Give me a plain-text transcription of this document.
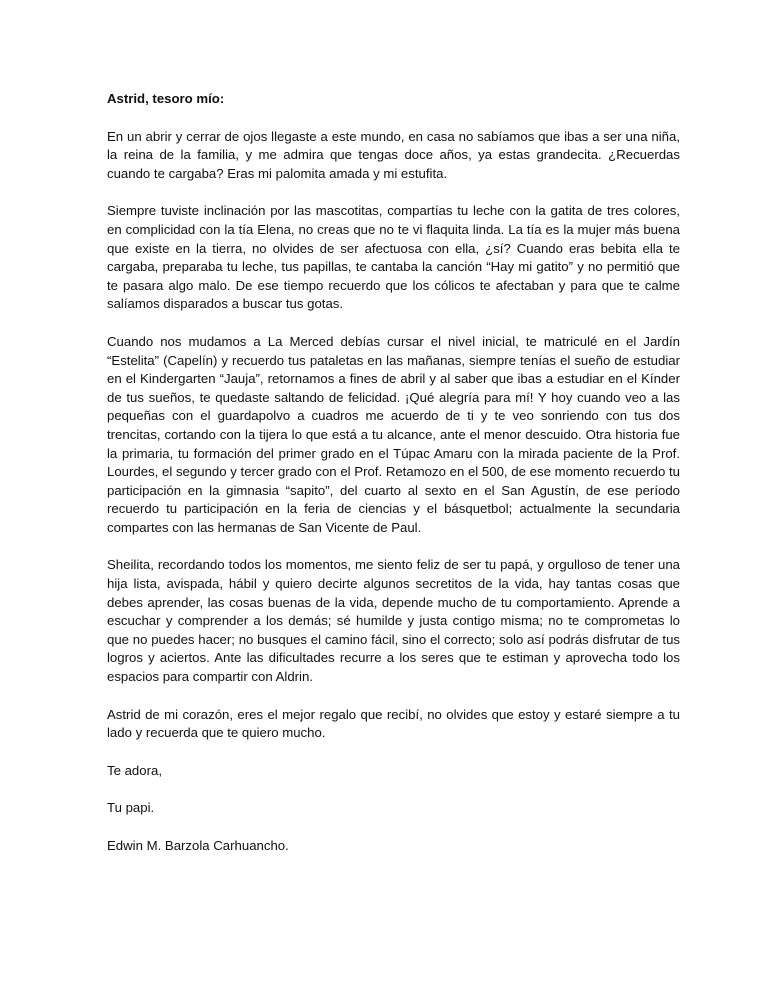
Astrid, tesoro mío:

En un abrir y cerrar de ojos llegaste a este mundo, en casa no sabíamos que ibas a ser una niña, la reina de la familia, y me admira que tengas doce años, ya estas grandecita. ¿Recuerdas cuando te cargaba? Eras mi palomita amada y mi estufita.

Siempre tuviste inclinación por las mascotitas, compartías tu leche con la gatita de tres colores, en complicidad con la tía Elena, no creas que no te vi flaquita linda. La tía es la mujer más buena que existe en la tierra, no olvides de ser afectuosa con ella, ¿sí? Cuando eras bebita ella te cargaba, preparaba tu leche, tus papillas, te cantaba la canción “Hay mi gatito” y no permitió que te pasara algo malo. De ese tiempo recuerdo que los cólicos te afectaban y para que te calme salíamos disparados a buscar tus gotas.

Cuando nos mudamos a La Merced debías cursar el nivel inicial, te matriculé en el Jardín “Estelita” (Capelín) y recuerdo tus pataletas en las mañanas, siempre tenías el sueño de estudiar en el Kindergarten “Jauja”, retornamos a fines de abril y al saber que ibas a estudiar en el Kínder de tus sueños, te quedaste saltando de felicidad. ¡Qué alegría para mí! Y hoy cuando veo a las pequeñas con el guardapolvo a cuadros me acuerdo de ti y te veo sonriendo con tus dos trencitas, cortando con la tijera lo que está a tu alcance, ante el menor descuido. Otra historia fue la primaria, tu formación del primer grado en el Túpac Amaru con la mirada paciente de la Prof. Lourdes, el segundo y tercer grado con el Prof. Retamozo en el 500, de ese momento recuerdo tu participación en la gimnasia “sapito”, del cuarto al sexto en el San Agustín, de ese período recuerdo tu participación en la feria de ciencias y el básquetbol; actualmente la secundaria compartes con las hermanas de San Vicente de Paul.

Sheilita, recordando todos los momentos, me siento feliz de ser tu papá, y orgulloso de tener una hija lista, avispada, hábil y quiero decirte algunos secretitos de la vida, hay tantas cosas que debes aprender, las cosas buenas de la vida, depende mucho de tu comportamiento. Aprende a escuchar y comprender a los demás; sé humilde y justa contigo misma; no te comprometas lo que no puedes hacer; no busques el camino fácil, sino el correcto; solo así podrás disfrutar de tus logros y aciertos. Ante las dificultades recurre a los seres que te estiman y aprovecha todo los espacios para compartir con Aldrin.

Astrid de mi corazón, eres el mejor regalo que recibí, no olvides que estoy y estaré siempre a tu lado y recuerda que te quiero mucho.

Te adora,

Tu papi.

Edwin M. Barzola Carhuancho.
